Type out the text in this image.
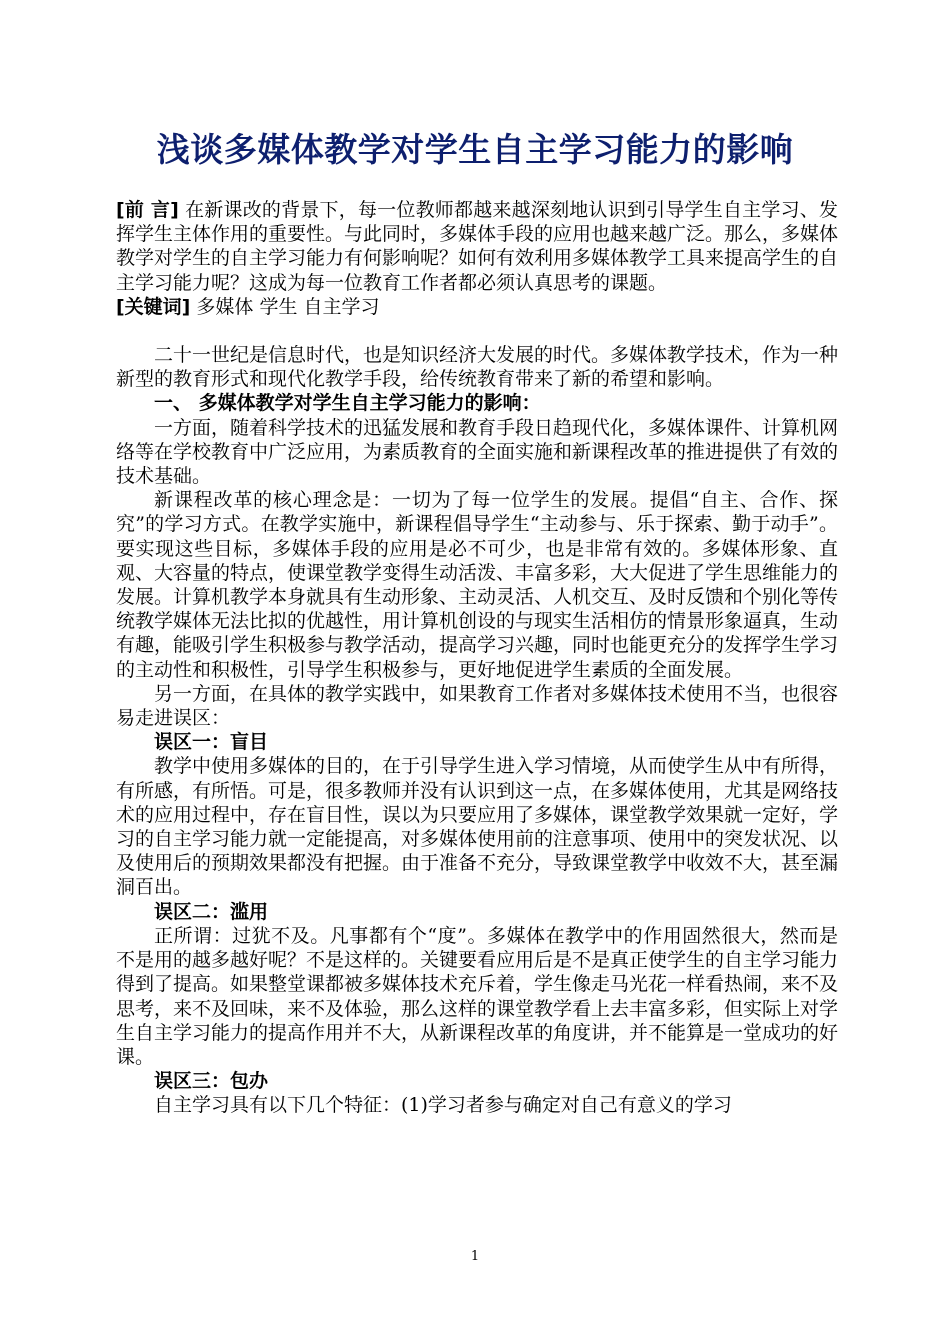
浅谈多媒体教学对学生自主学习能力的影响

[前 言] 在新课改的背景下，每一位教师都越来越深刻地认识到引导学生自主学习、发挥学生主体作用的重要性。与此同时，多媒体手段的应用也越来越广泛。那么，多媒体教学对学生的自主学习能力有何影响呢？如何有效利用多媒体教学工具来提高学生的自主学习能力呢？这成为每一位教育工作者都必须认真思考的课题。

[关键词] 多媒体 学生 自主学习

二十一世纪是信息时代，也是知识经济大发展的时代。多媒体教学技术，作为一种新型的教育形式和现代化教学手段，给传统教育带来了新的希望和影响。

一、 多媒体教学对学生自主学习能力的影响：

一方面，随着科学技术的迅猛发展和教育手段日趋现代化，多媒体课件、计算机网络等在学校教育中广泛应用，为素质教育的全面实施和新课程改革的推进提供了有效的技术基础。

新课程改革的核心理念是：一切为了每一位学生的发展。提倡“自主、合作、探究”的学习方式。在教学实施中，新课程倡导学生“主动参与、乐于探索、勤于动手”。要实现这些目标，多媒体手段的应用是必不可少，也是非常有效的。多媒体形象、直观、大容量的特点，使课堂教学变得生动活泼、丰富多彩，大大促进了学生思维能力的发展。计算机教学本身就具有生动形象、主动灵活、人机交互、及时反馈和个别化等传统教学媒体无法比拟的优越性，用计算机创设的与现实生活相仿的情景形象逼真，生动有趣，能吸引学生积极参与教学活动，提高学习兴趣，同时也能更充分的发挥学生学习的主动性和积极性，引导学生积极参与，更好地促进学生素质的全面发展。

另一方面，在具体的教学实践中，如果教育工作者对多媒体技术使用不当，也很容易走进误区：

误区一：盲目

教学中使用多媒体的目的，在于引导学生进入学习情境，从而使学生从中有所得，有所感，有所悟。可是，很多教师并没有认识到这一点，在多媒体使用，尤其是网络技术的应用过程中，存在盲目性，误以为只要应用了多媒体，课堂教学效果就一定好，学习的自主学习能力就一定能提高，对多媒体使用前的注意事项、使用中的突发状况、以及使用后的预期效果都没有把握。由于准备不充分，导致课堂教学中收效不大，甚至漏洞百出。

误区二：滥用

正所谓：过犹不及。凡事都有个“度”。多媒体在教学中的作用固然很大，然而是不是用的越多越好呢？不是这样的。关键要看应用后是不是真正使学生的自主学习能力得到了提高。如果整堂课都被多媒体技术充斥着，学生像走马光花一样看热闹，来不及思考，来不及回味，来不及体验，那么这样的课堂教学看上去丰富多彩，但实际上对学生自主学习能力的提高作用并不大，从新课程改革的角度讲，并不能算是一堂成功的好课。

误区三：包办

自主学习具有以下几个特征：(1)学习者参与确定对自己有意义的学习

1
